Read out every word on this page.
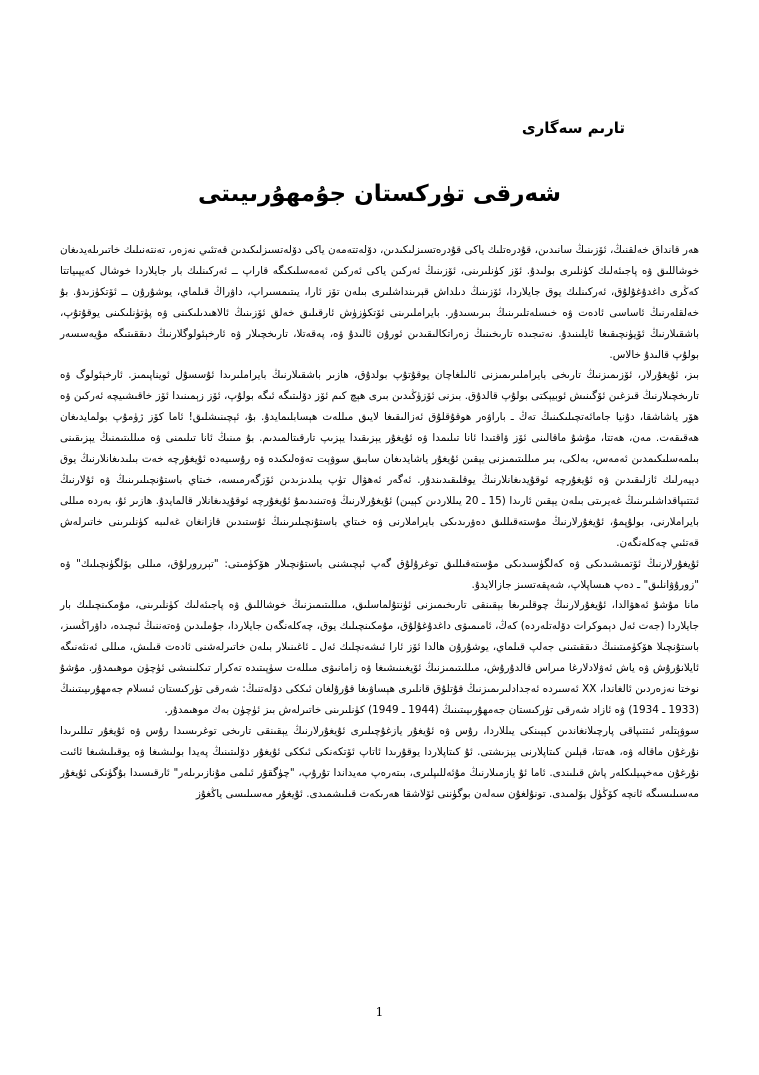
تارىم سەگارى
شەرقى تۈركستان جۇمھۇرىيىتى

ھەر قانداق خەلقنىڭ، ئۆزىنىڭ سانىدىن، قۇدرەتلىك ياكى قۇدرەتسىزلىكىدىن، دۆلەتتەمەن ياكى دۆلەتسىزلىكىدىن قەتئىي نەزەر، تەنتەنىلىك خاتىرىلەيدىغان خوشاللىق ۋە پاجىئەلىك كۈنلىرى بولىدۇ. ئۆز كۈنلىرىنى، ئۆزىنىڭ ئەركىن ياكى ئەركىن ئەمەسلىكىگە قاراپ ــ ئەركىنلىك بار جايلاردا خوشال كەيپىياتتا كەڭرى داغدۇغۇلۇق، ئەركىنلىك يوق جايلاردا، ئۆزىنىڭ دىلداش قېرىنداشلىرى بىلەن تۆز ئارا، يىتىمسىراپ، داۋراڭ قىلماي، يوشۇرۇن ــ ئۆتكۈزىدۇ. بۇ خەلقلەرنىڭ ئاساسى ئادەت ۋە خىسلەتلىرىنىڭ بىرىسىدۇر. بايراملىرىنى ئۆتكۈزۈش ئارقىلىق خەلق ئۆزىنىڭ ئالاھىدىلىكىنى ۋە پۈتۈنلىكىنى يوقۇتۇپ، باشقىلارنىڭ ئۆيۈنچىقىغا ئايلىنىدۇ. نەتىجىدە تارىخىنىڭ زەراتكالىقىدىن ئورۇن ئالىدۇ ۋە، پەقەتلا، تارىخچىلار ۋە ئارخېئولوگلارنىڭ دىققىتىگە مۇيەسسەر بولۇپ قالىدۇ خالاس.

بىز، ئۇيغۇرلار، ئۆزىمىزنىڭ تارىخى بايراملىرىمىزنى ئالىلغاچان يوقۇتۇپ بولدۇق، ھازىر باشقىلارنىڭ بايراملىرىدا ئۇسسۇل ئويناپىمىز. ئارخېئولوگ ۋە تارىخچىلارنىڭ قىزغىن ئۆگىنىش ئوبيېكتى بولۇپ قالدۇق. بىزنى ئۆزۈڭىدىن بىرى ھېچ كىم ئۆز دۆلىتىگە ئىگە بولۇپ، ئۆز زېمىنىدا ئۆز خاقىشىيچە ئەركىن ۋە ھۆر ياشاشقا، دۇنيا جامائەتچىلىكىنىڭ تەڭ ـ باراۋەر ھوقۇقلۇق ئەزالىقىغا لايىق مىللەت ھېسابلىمايدۇ. بۇ، ئېچىنىشلىق! ئاما كۆز ژۈمۇپ بولمايدىغان ھەقىقەت. مەن، ھەتتا، مۇشۇ ماقالىنى ئۆز ۋاقتىدا ئانا تىلىمدا ۋە ئۇيغۇر يېزىقىدا يېزىپ تارقىتالمىدىم. بۇ مىنىڭ ئانا تىلىمنى ۋە مىللىتىمنىڭ يېزىقىنى بىلمەسلىكىمدىن ئەمەس، بەلكى، بىر مىللىتىمىزنى يېقىن ئۇيغۇر ياشايدىغان سابىق سوۋېت تەۋەلىكىدە ۋە رۇسىيەدە ئۇيغۇرچە خەت بىلىدىغانلارنىڭ يوق دېيەرلىك ئازلىقىدىن ۋە ئۇيغۇرچە ئوقۇيدىغانلارنىڭ يوقلىقىدىندۇر. ئەگەر ئەھۋال تۈپ يىلدىزىدىن ئۆزگەرمىسە، خىتاي باستۇنچىلىرىنىڭ ۋە ئۇلارنىڭ ئىتتىپاقداشلىرىنىڭ غەيرىتى بىلەن يېقىن ئارىدا (15 ـ 20 يىللاردىن كېيىن) ئۇيغۇرلارنىڭ ۋەتىنىدىمۇ ئۇيغۇرچە ئوقۇيدىغانلار قالمايدۇ. ھازىر ئۇ، بەردە مىللى بايراملارنى، بولۇپمۇ، ئۇيغۇرلارنىڭ مۇستەقىللىق دەۋرىدىكى بايراملارنى ۋە خىتاي باستۇنچىلىرىنىڭ ئۇستىدىن قازانغان غەلىبە كۈنلىرىنى خاتىرلەش قەتئىي چەكلەنگەن.

ئۇيغۇرلارنىڭ ئۆتمىشىدىكى ۋە كەلگۈسىدىكى مۇستەقىللىق توغرۇلۇق گەپ ئېچىشنى باستۇنچىلار ھۆكۈمىتى: "تېررورلۇق، مىللى بۆلگۈنچىلىك" ۋە "زورۇۋانلىق" ـ دەپ ھىساپلاپ، شەپقەتسىز جازالايدۇ.

مانا مۇشۇ ئەھۋالدا، ئۇيغۇرلارنىڭ چوقلىرىغا بېقىنقى تارىخىمىزنى ئۈنتۇلماسلىق، مىللىتىمىزنىڭ خوشاللىق ۋە پاجىئەلىك كۈنلىرىنى، مۇمكىنچىلىك بار جايلاردا (جەت ئەل دېموكرات دۆلەتلەردە) كەڭ، ئامىمىۋى داغدۇغۇلۇق، مۇمكىنچىلىك يوق، چەكلەنگەن جايلاردا، جۇملىدىن ۋەتەننىڭ ئىچىدە، داۋراڭسىز، باستۇنچىلا ھۆكۈمىتىنىڭ دىققىتىنى جەلپ قىلماي، يوشۇرۇن ھالدا ئۆز ئارا ئىشەنچلىك ئەل ـ ئاغىنىلار بىلەن خاتىرلەشنى ئادەت قىلىش، مىللى ئەنئەنىگە ئايلانۇرۇش ۋە ياش ئەۋلادلارغا مىراس قالدۇرۇش، مىللىتىمىزنىڭ ئۆيغىنىشىغا ۋە زامانىۋى مىللەت سۈپىتىدە تەكرار تىكلىنىشى ئۈچۈن موھىمدۇر. مۇشۇ نوختا نەزەردىن ئالغاندا، XX ئەسىردە ئەجدادلىرىمىزنىڭ قۇتلۇق قانلىرى ھېساۋىغا قۇرۇلغان ئىككى دۆلەتنىڭ: شەرقى تۈركىستان ئىسلام جەمھۇرىيىتىنىڭ (1933 ـ 1934) ۋە ئازاد شەرقى تۈركىستان جەمھۇرىيىتىنىڭ (1944 ـ 1949) كۈنلىرىنى خاتىرلەش بىز ئۈچۈن بەك موھىمدۇر.

سوۋېتلەر ئىتتىپاقى پارچىلانغاندىن كېيىنكى يىللاردا، رۇس ۋە ئۇيغۇر يازغۇچىلىرى ئۇيغۇرلارنىڭ يېقىنقى تارىخى توغرىسىدا رۇس ۋە ئۇيغۇر تىللىرىدا نۇرغۇن ماقالە ۋە، ھەتتا، قېلىن كىتاپلارنى يېزىشتى. ئۇ كىتاپلاردا يوقۇرىدا ئاتاپ ئۆتكەنكى ئىككى ئۇيغۇر دۆلىتىنىڭ پەيدا بولىشىغا ۋە يوقىلىشىغا ئائىت نۇرغۇن مەخپىيلىكلەر پاش قىلىندى. ئاما ئۇ يازمىلارنىڭ مۇئەللىپلىرى، بىتەرەپ مەيداندا تۇرۇپ، "چۈگقۇر ئىلمى مۇنازىرىلەر" ئارقىسىدا بۇگۈنكى ئۇيغۇر مەسىلىسىگە ئانچە كۆڭۈل بۆلمىدى. تونۇلغۇن سەلەن بوگۈننى ئۆلاشقا ھەرىكەت قىلىشمىدى. ئۇيغۇر مەسىلىسى ياڭغۇز

1
